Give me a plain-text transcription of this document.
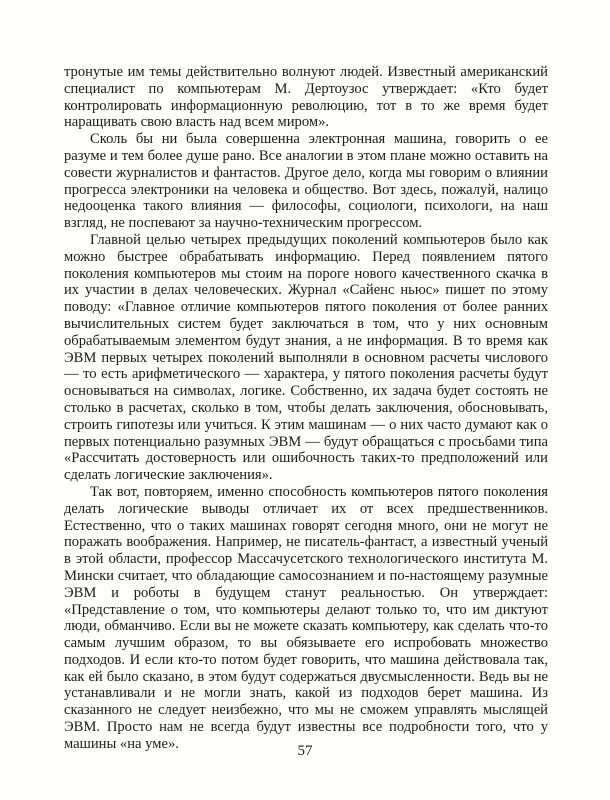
тронутые им темы действительно волнуют людей. Известный американский специалист по компьютерам М. Дертоузос утверждает: «Кто будет контролировать информационную революцию, тот в то же время будет наращивать свою власть над всем миром».

Сколь бы ни была совершенна электронная машина, говорить о ее разуме и тем более душе рано. Все аналогии в этом плане можно оставить на совести журналистов и фантастов. Другое дело, когда мы говорим о влиянии прогресса электроники на человека и общество. Вот здесь, пожалуй, налицо недооценка такого влияния — философы, социологи, психологи, на наш взгляд, не поспевают за научно-техническим прогрессом.

Главной целью четырех предыдущих поколений компьютеров было как можно быстрее обрабатывать информацию. Перед появлением пятого поколения компьютеров мы стоим на пороге нового качественного скачка в их участии в делах человеческих. Журнал «Сайенс ньюс» пишет по этому поводу: «Главное отличие компьютеров пятого поколения от более ранних вычислительных систем будет заключаться в том, что у них основным обрабатываемым элементом будут знания, а не информация. В то время как ЭВМ первых четырех поколений выполняли в основном расчеты числового — то есть арифметического — характера, у пятого поколения расчеты будут основываться на символах, логике. Собственно, их задача будет состоять не столько в расчетах, сколько в том, чтобы делать заключения, обосновывать, строить гипотезы или учиться. К этим машинам — о них часто думают как о первых потенциально разумных ЭВМ — будут обращаться с просьбами типа «Рассчитать достоверность или ошибочность таких-то предположений или сделать логические заключения».

Так вот, повторяем, именно способность компьютеров пятого поколения делать логические выводы отличает их от всех предшественников. Естественно, что о таких машинах говорят сегодня много, они не могут не поражать воображения. Например, не писатель-фантаст, а известный ученый в этой области, профессор Массачусетского технологического института М. Мински считает, что обладающие самосознанием и по-настоящему разумные ЭВМ и роботы в будущем станут реальностью. Он утверждает: «Представление о том, что компьютеры делают только то, что им диктуют люди, обманчиво. Если вы не можете сказать компьютеру, как сделать что-то самым лучшим образом, то вы обязываете его испробовать множество подходов. И если кто-то потом будет говорить, что машина действовала так, как ей было сказано, в этом будут содержаться двусмысленности. Ведь вы не устанавливали и не могли знать, какой из подходов берет машина. Из сказанного не следует неизбежно, что мы не сможем управлять мыслящей ЭВМ. Просто нам не всегда будут известны все подробности того, что у машины «на уме».	57
